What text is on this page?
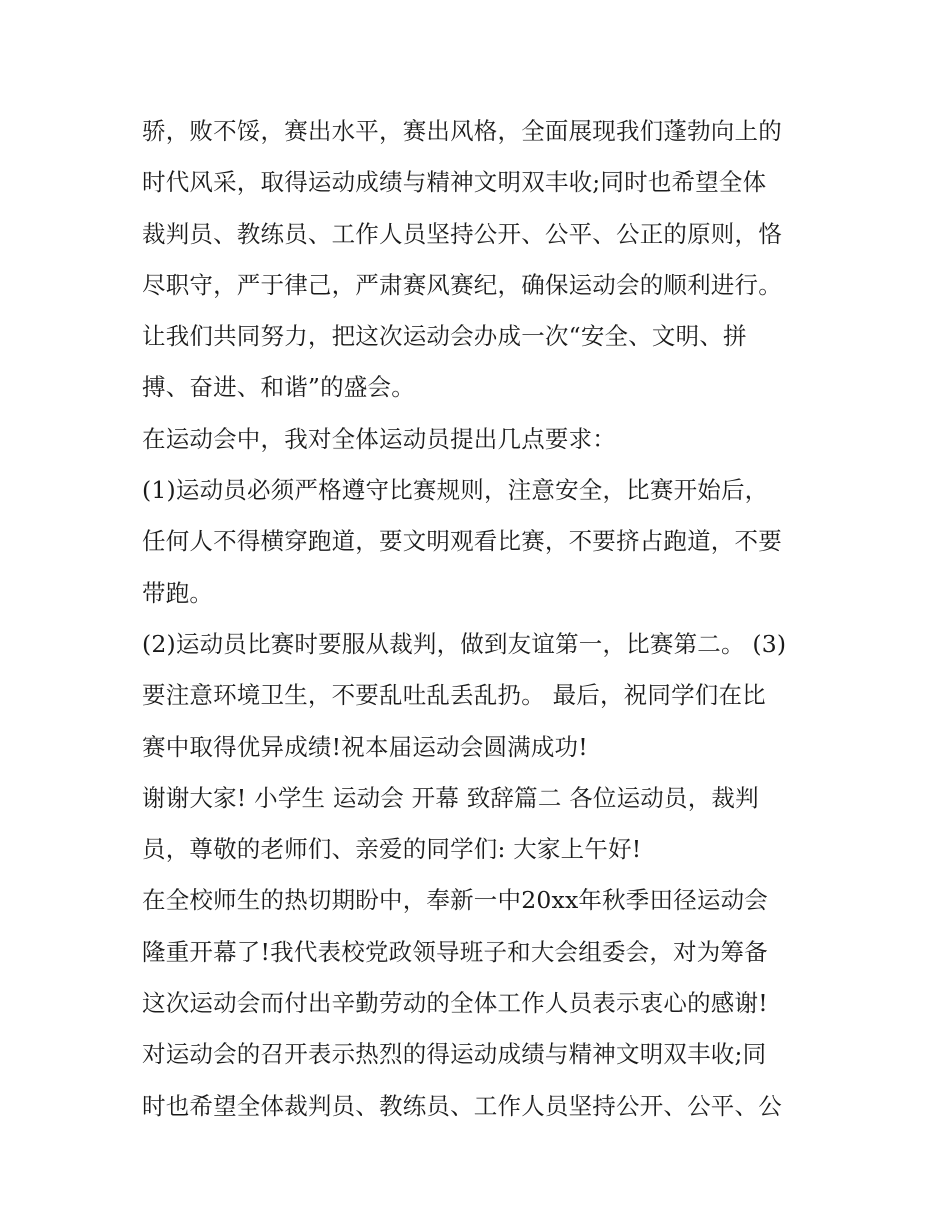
骄，败不馁，赛出水平，赛出风格，全面展现我们蓬勃向上的
时代风采，取得运动成绩与精神文明双丰收;同时也希望全体
裁判员、教练员、工作人员坚持公开、公平、公正的原则，恪
尽职守，严于律己，严肃赛风赛纪，确保运动会的顺利进行。
让我们共同努力，把这次运动会办成一次“安全、文明、拼
搏、奋进、和谐”的盛会。
在运动会中，我对全体运动员提出几点要求：
(1)运动员必须严格遵守比赛规则，注意安全，比赛开始后，
任何人不得横穿跑道，要文明观看比赛，不要挤占跑道，不要
带跑。
(2)运动员比赛时要服从裁判，做到友谊第一，比赛第二。 (3)
要注意环境卫生，不要乱吐乱丢乱扔。 最后，祝同学们在比
赛中取得优异成绩!祝本届运动会圆满成功!
谢谢大家! 小学生 运动会 开幕 致辞篇二 各位运动员，裁判
员，尊敬的老师们、亲爱的同学们: 大家上午好!
在全校师生的热切期盼中，奉新一中20xx年秋季田径运动会
隆重开幕了!我代表校党政领导班子和大会组委会，对为筹备
这次运动会而付出辛勤劳动的全体工作人员表示衷心的感谢!
对运动会的召开表示热烈的得运动成绩与精神文明双丰收;同
时也希望全体裁判员、教练员、工作人员坚持公开、公平、公
